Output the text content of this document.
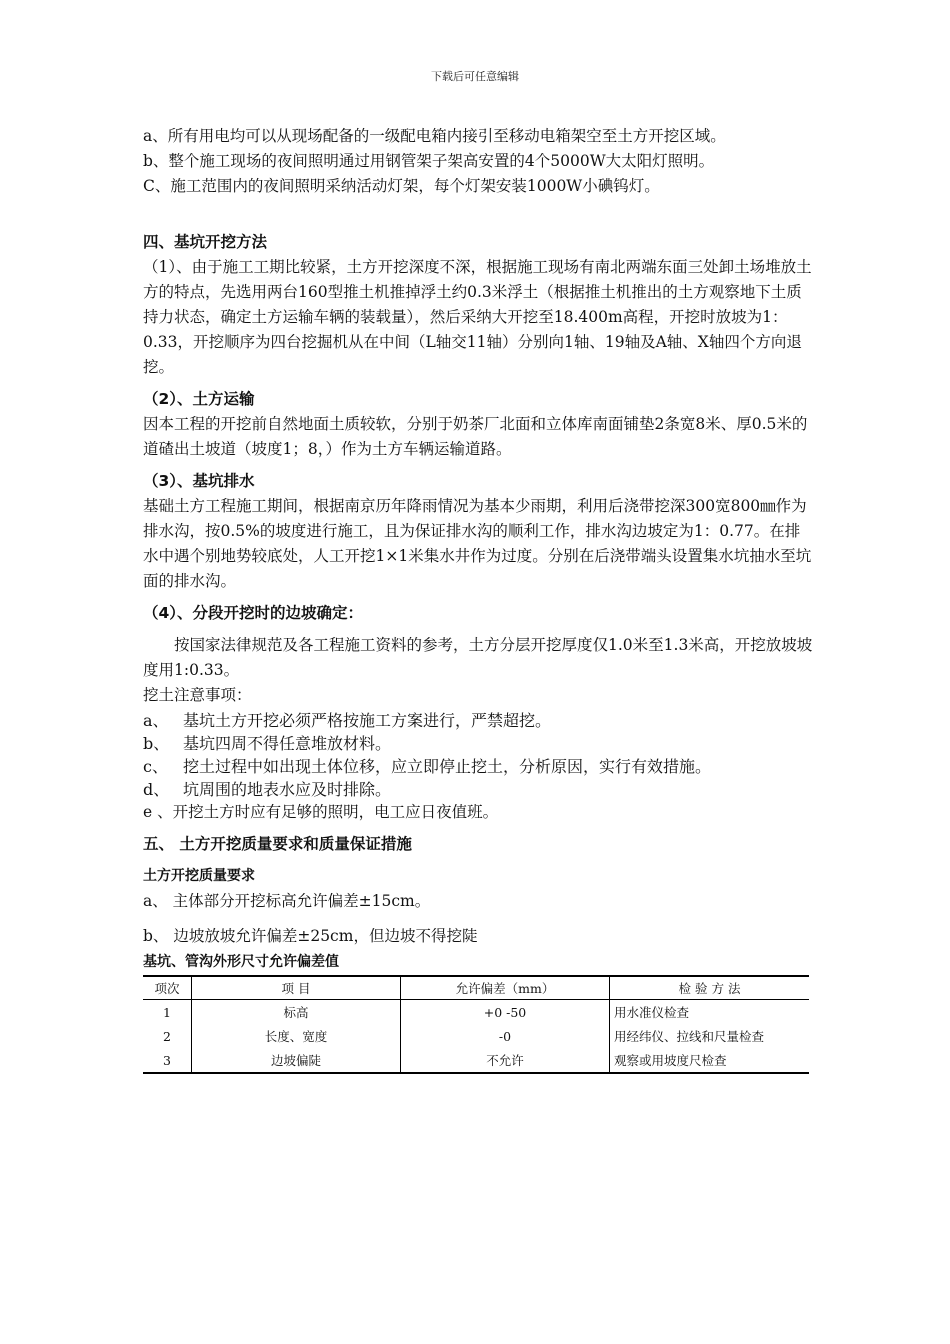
下载后可任意编辑

a、所有用电均可以从现场配备的一级配电箱内接引至移动电箱架空至土方开挖区域。

b、整个施工现场的夜间照明通过用钢管架子架高安置的4个5000W大太阳灯照明。

C、施工范围内的夜间照明采纳活动灯架，每个灯架安装1000W小碘钨灯。

四、基坑开挖方法

（1）、由于施工工期比较紧，土方开挖深度不深，根据施工现场有南北两端东面三处卸土场堆放土方的特点，先选用两台160型推土机推掉浮土约0.3米浮土（根据推土机推出的土方观察地下土质持力状态，确定土方运输车辆的装载量），然后采纳大开挖至18.400m高程，开挖时放坡为1：0.33，开挖顺序为四台挖掘机从在中间（L轴交11轴）分别向1轴、19轴及A轴、X轴四个方向退挖。

（2）、土方运输

因本工程的开挖前自然地面土质较软，分别于奶茶厂北面和立体库南面铺垫2条宽8米、厚0.5米的道碴出土坡道（坡度1；8，）作为土方车辆运输道路。

（3）、基坑排水

基础土方工程施工期间，根据南京历年降雨情况为基本少雨期，利用后浇带挖深300宽800㎜作为排水沟，按0.5%的坡度进行施工，且为保证排水沟的顺利工作，排水沟边坡定为1：0.77。在排水中遇个别地势较底处，人工开挖1×1米集水井作为过度。分别在后浇带端头设置集水坑抽水至坑面的排水沟。

（4）、分段开挖时的边坡确定：

按国家法律规范及各工程施工资料的参考，土方分层开挖厚度仅1.0米至1.3米高，开挖放坡坡度用1:0.33。

挖土注意事项：

a、 基坑土方开挖必须严格按施工方案进行，严禁超挖。
b、 基坑四周不得任意堆放材料。
c、 挖土过程中如出现土体位移，应立即停止挖土，分析原因，实行有效措施。
d、 坑周围的地表水应及时排除。

e 、开挖土方时应有足够的照明，电工应日夜值班。

五、 土方开挖质量要求和质量保证措施
土方开挖质量要求

a、 主体部分开挖标高允许偏差±15cm。

b、 边坡放坡允许偏差±25cm，但边坡不得挖陡

基坑、管沟外形尺寸允许偏差值
项次	项 目	允许偏差（mm）	检 验 方 法
1	标高	+0 -50	用水准仪检查
2	长度、宽度	-0	用经纬仪、拉线和尺量检查
3	边坡偏陡	不允许	观察或用坡度尺检查
